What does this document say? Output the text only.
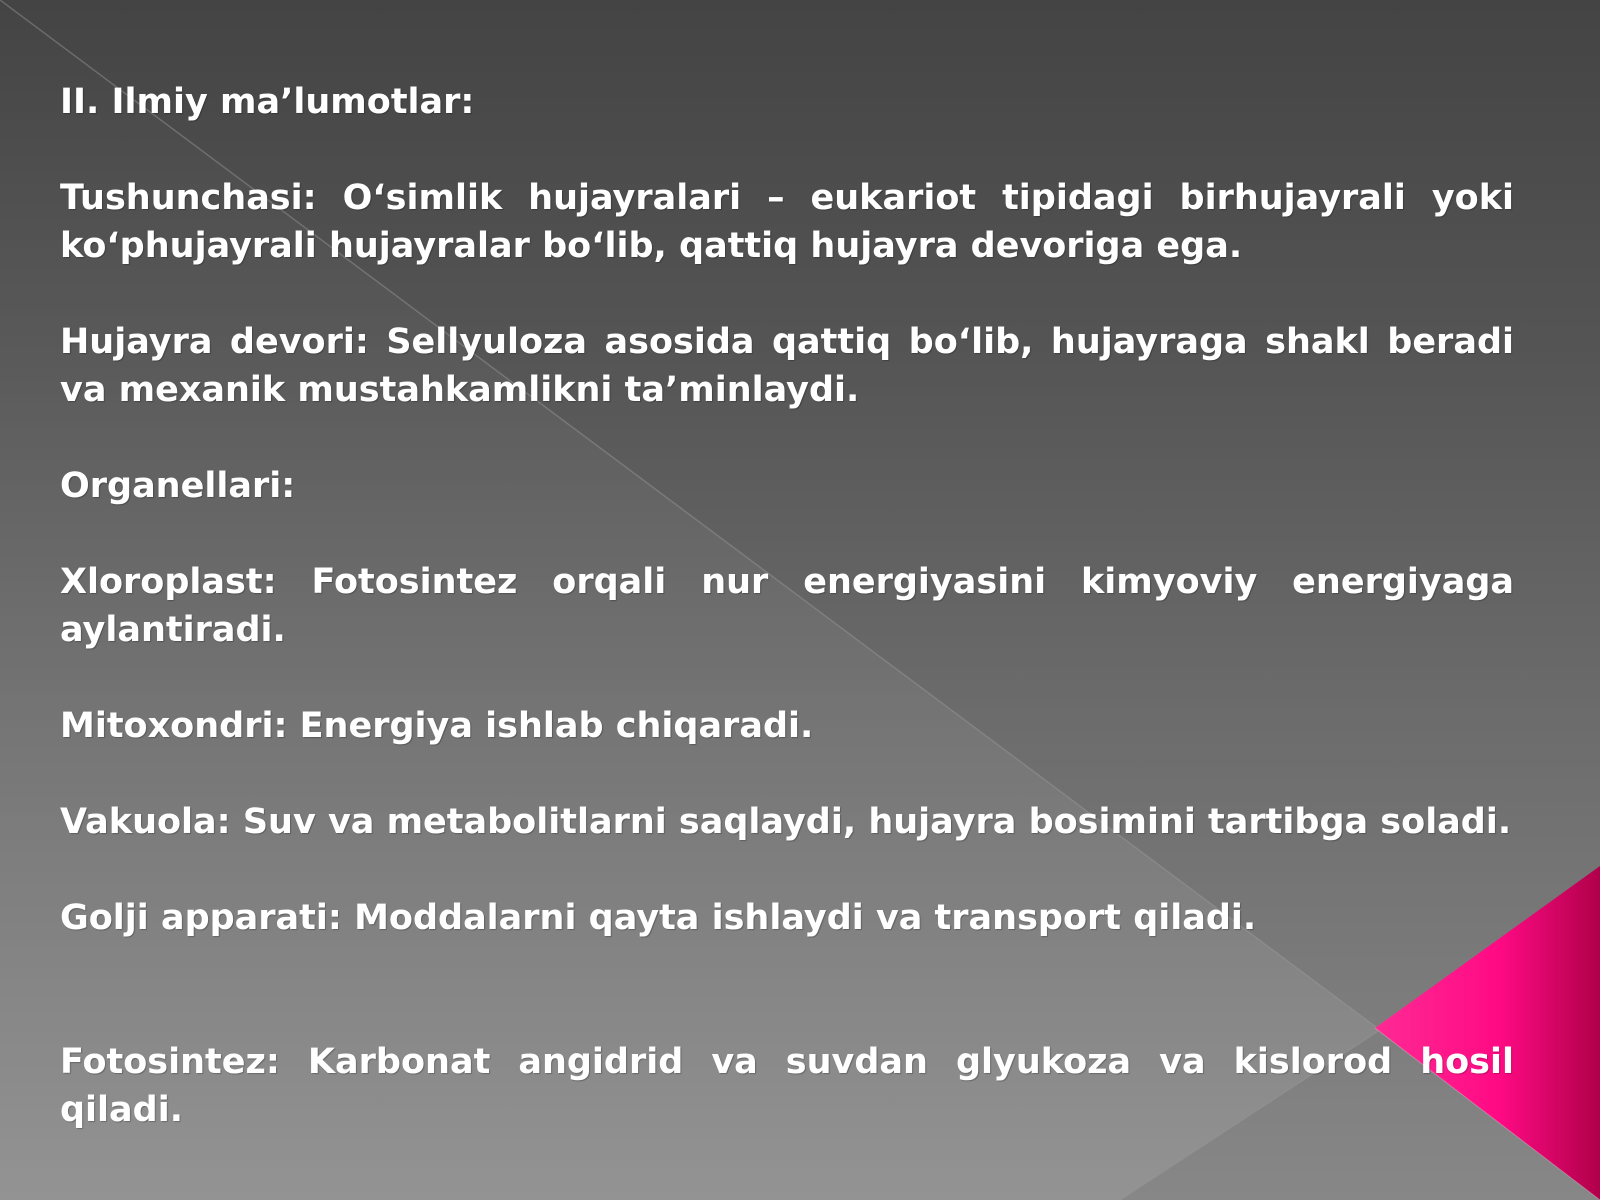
II. Ilmiy ma’lumotlar:

Tushunchasi: O‘simlik hujayralari – eukariot tipidagi birhujayrali yoki ko‘phujayrali hujayralar bo‘lib, qattiq hujayra devoriga ega.

Hujayra devori: Sellyuloza asosida qattiq bo‘lib, hujayraga shakl beradi va mexanik mustahkamlikni ta’minlaydi.

Organellari:

Xloroplast: Fotosintez orqali nur energiyasini kimyoviy energiyaga aylantiradi.

Mitoxondri: Energiya ishlab chiqaradi.

Vakuola: Suv va metabolitlarni saqlaydi, hujayra bosimini tartibga soladi.

Golji apparati: Moddalarni qayta ishlaydi va transport qiladi.

Fotosintez: Karbonat angidrid va suvdan glyukoza va kislorod hosil qiladi.
